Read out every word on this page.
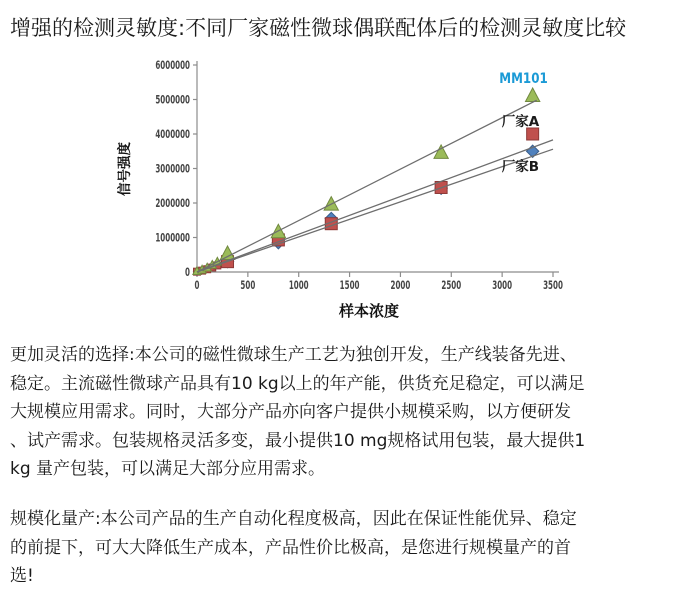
增强的检测灵敏度:不同厂家磁性微球偶联配体后的检测灵敏度比较
0
1000000
2000000
3000000
4000000
5000000
6000000
0	500	1000	1500	2000	2500	3000	3500
信号强度
样本浓度
厂家B
厂家A
MM101

更加灵活的选择:本公司的磁性微球生产工艺为独创开发，生产线装备先进、
稳定。主流磁性微球产品具有10 kg以上的年产能，供货充足稳定，可以满足
大规模应用需求。同时，大部分产品亦向客户提供小规模采购，以方便研发
、试产需求。包装规格灵活多变，最小提供10 mg规格试用包装，最大提供1
kg 量产包装，可以满足大部分应用需求。

规模化量产:本公司产品的生产自动化程度极高，因此在保证性能优异、稳定
的前提下，可大大降低生产成本，产品性价比极高，是您进行规模量产的首
选!
